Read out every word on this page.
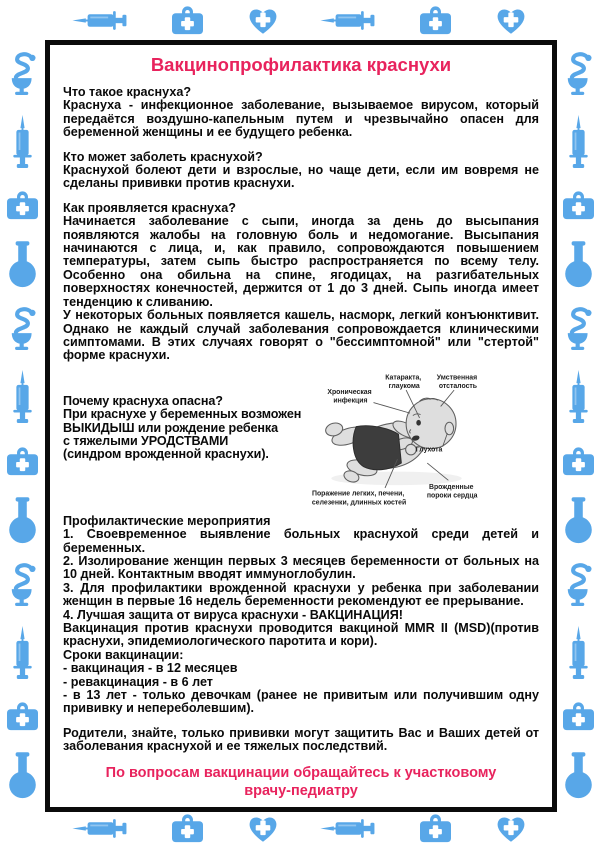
Вакцинопрофилактика краснухи
Что такое краснуха?

Краснуха - инфекционное заболевание, вызываемое вирусом, который передаётся воздушно-капельным путем и чрезвычайно опасен для беременной женщины и ее будущего ребенка.

Кто может заболеть краснухой?

Краснухой болеют дети и взрослые, но чаще дети, если им вовремя не сделаны прививки против краснухи.

Как проявляется краснуха?

Начинается заболевание с сыпи, иногда за день до высыпания появляются жалобы на головную боль и недомогание. Высыпания начинаются с лица, и, как правило, сопровождаются повышением температуры, затем сыпь быстро распространяется по всему телу. Особенно она обильна на спине, ягодицах, на разгибательных поверхностях конечностей, держится от 1 до 3 дней. Сыпь иногда имеет тенденцию к сливанию.

У некоторых больных появляется кашель, насморк, легкий конъюнктивит. Однако не каждый случай заболевания сопровождается клиническими симптомами. В этих случаях говорят о "бессимптомной" или "стертой" форме краснухи.

Почему краснуха опасна?
При краснухе у беременных возможен
ВЫКИДЫШ или рождение ребенка
с тяжелыми УРОДСТВАМИ
(синдром врожденной краснухи).
Хроническая инфекция
Катаракта, глаукома
Умственная отсталость
Глухота
Врожденные пороки сердца
Поражение легких, печени, селезенки, длинных костей
Профилактические мероприятия

1. Своевременное выявление больных краснухой среди детей и беременных.

2. Изолирование женщин первых 3 месяцев беременности от больных на 10 дней. Контактным вводят иммуноглобулин.

3. Для профилактики врожденной краснухи у ребенка при заболевании женщин в первые 16 недель беременности рекомендуют ее прерывание.

4. Лучшая защита от вируса краснухи - ВАКЦИНАЦИЯ!

Вакцинация против краснухи проводится вакциной MMR II (MSD)(против краснухи, эпидемиологического паротита и кори).

Сроки вакцинации:
- вакцинация - в 12 месяцев
- ревакцинация - в 6 лет
- в 13 лет - только девочкам (ранее не привитым или получившим одну прививку и непереболевшим).

Родители, знайте, только прививки могут защитить Вас и Ваших детей от заболевания краснухой и ее тяжелых последствий.

По вопросам вакцинации обращайтесь к участковому
врачу-педиатру
